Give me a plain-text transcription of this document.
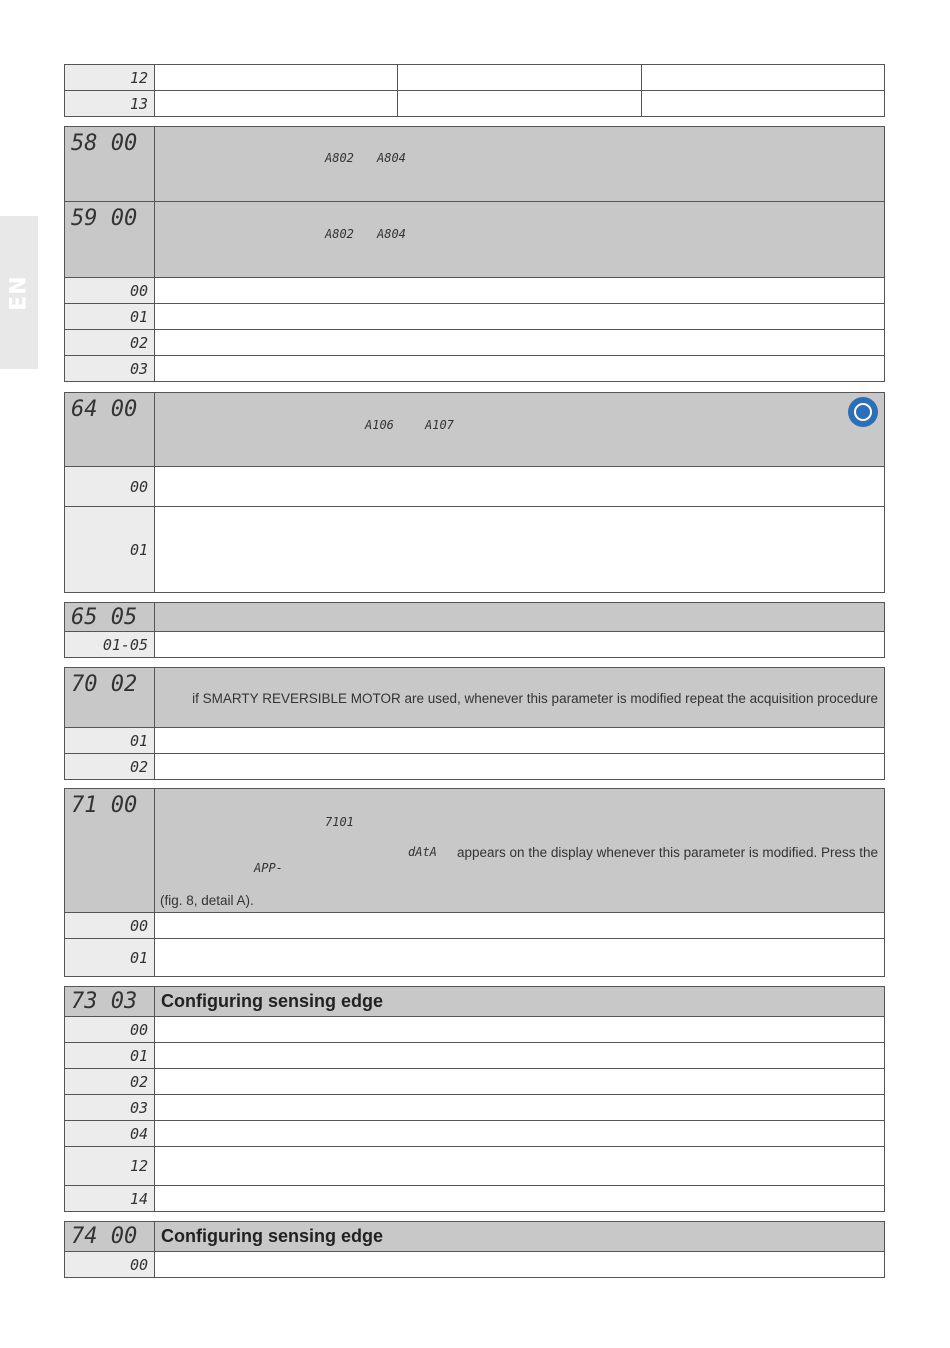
EN
12			
13			
58 00	A802 A804

59 00	A802 A804

00	
01	
02	
03	
64 00	A106 A107

00	
01	
65 05	
01-05	
70 02	if SMARTY REVERSIBLE MOTOR are used, whenever this parameter is modified repeat the acquisition procedure

01	
02	
71 00	7101
dAtA appears on the display whenever this parameter is modified. Press the
APP-
(fig. 8, detail A).

00	
01	
73 03	Configuring sensing edge
00	
01	
02	
03	
04	
12	
14	
74 00	Configuring sensing edge
00	
